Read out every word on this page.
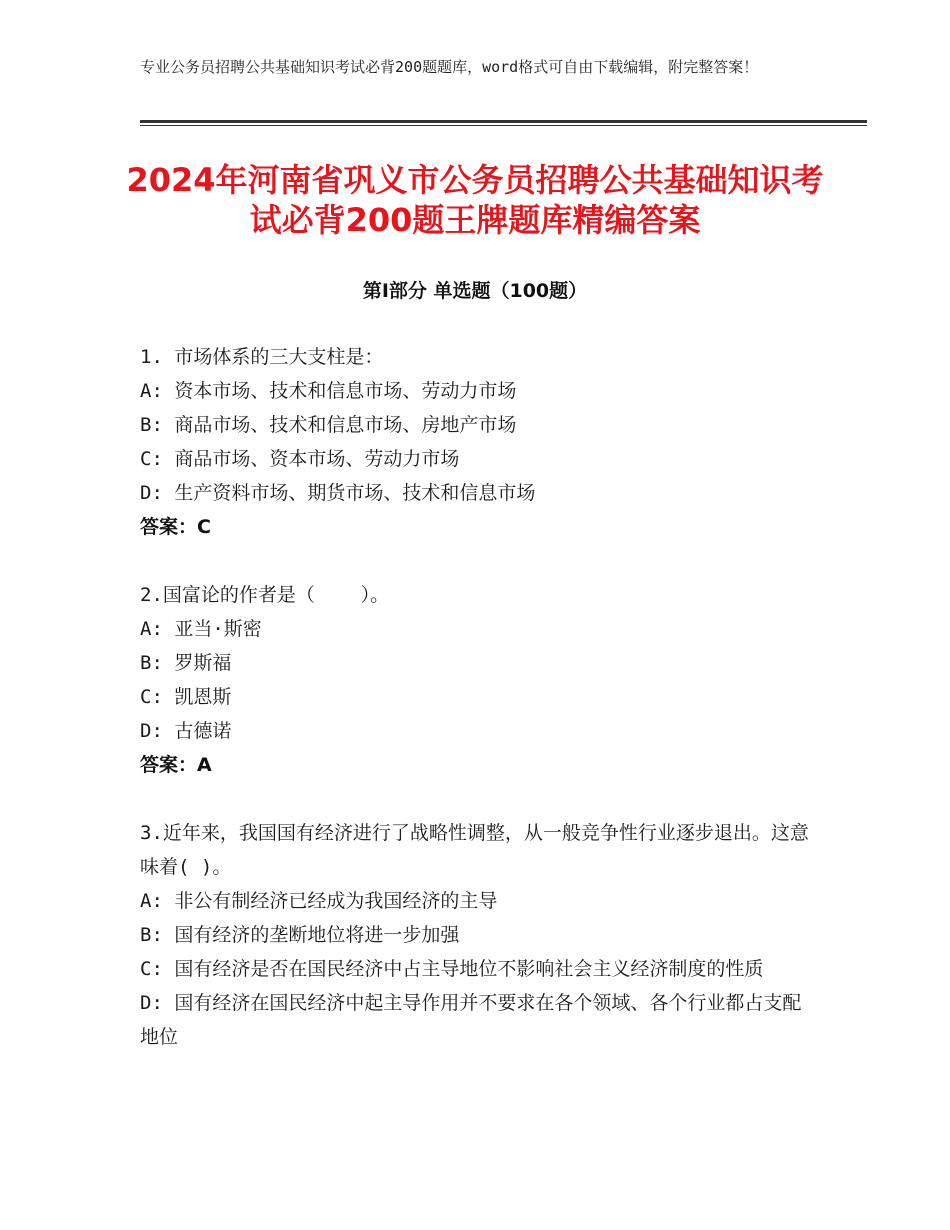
专业公务员招聘公共基础知识考试必背200题题库，word格式可自由下载编辑，附完整答案！
2024年河南省巩义市公务员招聘公共基础知识考试必背200题王牌题库精编答案
第Ⅰ部分 单选题（100题）
1. 市场体系的三大支柱是：
A: 资本市场、技术和信息市场、劳动力市场
B: 商品市场、技术和信息市场、房地产市场
C: 商品市场、资本市场、劳动力市场
D: 生产资料市场、期货市场、技术和信息市场
答案：C
2.国富论的作者是（    ）。
A: 亚当·斯密
B: 罗斯福
C: 凯恩斯
D: 古德诺
答案：A
3.近年来，我国国有经济进行了战略性调整，从一般竞争性行业逐步退出。这意味着( )。
A: 非公有制经济已经成为我国经济的主导
B: 国有经济的垄断地位将进一步加强
C: 国有经济是否在国民经济中占主导地位不影响社会主义经济制度的性质
D: 国有经济在国民经济中起主导作用并不要求在各个领域、各个行业都占支配地位
